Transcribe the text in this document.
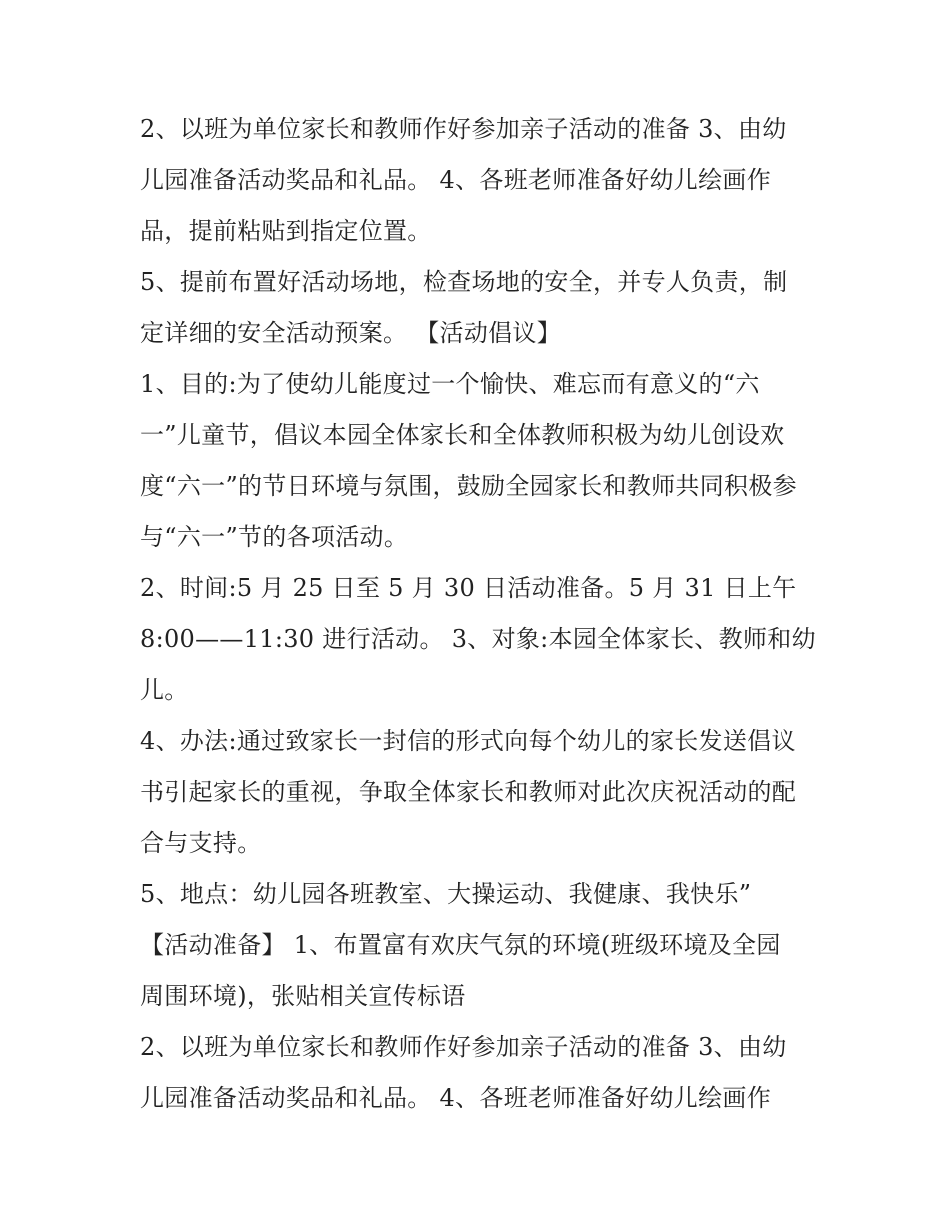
2、以班为单位家长和教师作好参加亲子活动的准备 3、由幼
儿园准备活动奖品和礼品。 4、各班老师准备好幼儿绘画作
品，提前粘贴到指定位置。
5、提前布置好活动场地，检查场地的安全，并专人负责，制
定详细的安全活动预案。 【活动倡议】
1、目的:为了使幼儿能度过一个愉快、难忘而有意义的“六
一”儿童节，倡议本园全体家长和全体教师积极为幼儿创设欢
度“六一”的节日环境与氛围，鼓励全园家长和教师共同积极参
与“六一”节的各项活动。
2、时间:5 月 25 日至 5 月 30 日活动准备。5 月 31 日上午
8:00——11:30 进行活动。 3、对象:本园全体家长、教师和幼
儿。
4、办法:通过致家长一封信的形式向每个幼儿的家长发送倡议
书引起家长的重视，争取全体家长和教师对此次庆祝活动的配
合与支持。
5、地点：幼儿园各班教室、大操运动、我健康、我快乐”
【活动准备】 1、布置富有欢庆气氛的环境(班级环境及全园
周围环境)，张贴相关宣传标语
2、以班为单位家长和教师作好参加亲子活动的准备 3、由幼
儿园准备活动奖品和礼品。 4、各班老师准备好幼儿绘画作
